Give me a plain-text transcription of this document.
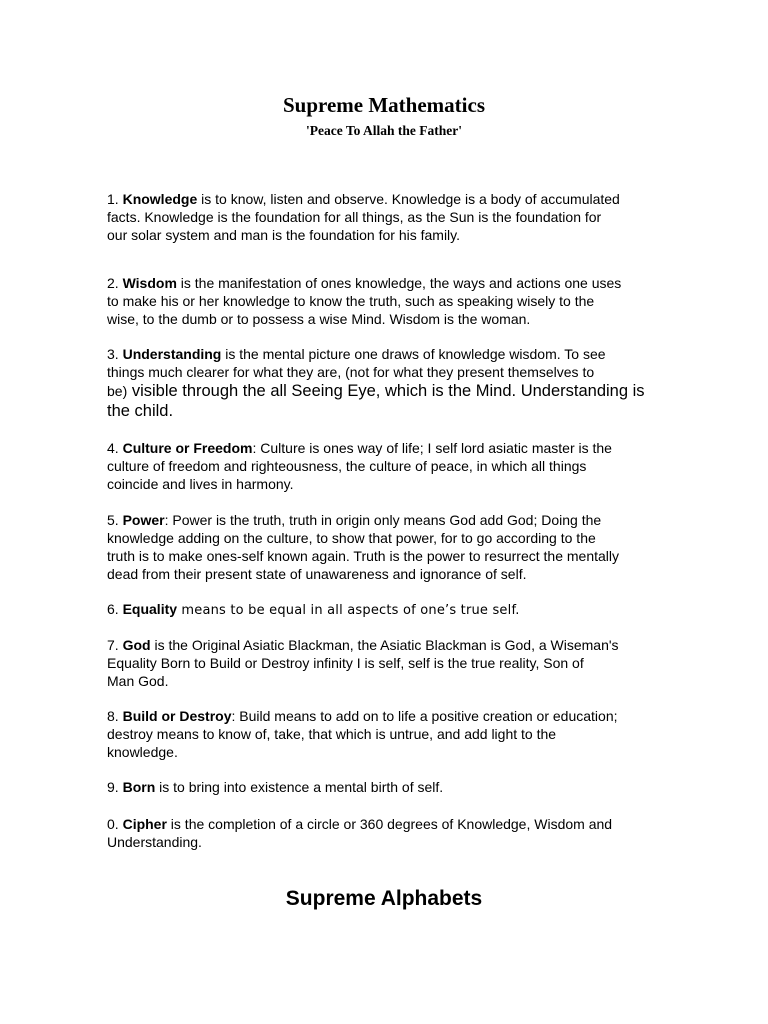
Supreme Mathematics
'Peace To Allah the Father'

1. Knowledge is to know, listen and observe. Knowledge is a body of accumulated
facts. Knowledge is the foundation for all things, as the Sun is the foundation for
our solar system and man is the foundation for his family.

2. Wisdom is the manifestation of ones knowledge, the ways and actions one uses
to make his or her knowledge to know the truth, such as speaking wisely to the
wise, to the dumb or to possess a wise Mind. Wisdom is the woman.

3. Understanding is the mental picture one draws of knowledge wisdom. To see
things much clearer for what they are, (not for what they present themselves to
be) visible through the all Seeing Eye, which is the Mind. Understanding is
the child.

4. Culture or Freedom: Culture is ones way of life; I self lord asiatic master is the
culture of freedom and righteousness, the culture of peace, in which all things
coincide and lives in harmony.

5. Power: Power is the truth, truth in origin only means God add God; Doing the
knowledge adding on the culture, to show that power, for to go according to the
truth is to make ones-self known again. Truth is the power to resurrect the mentally
dead from their present state of unawareness and ignorance of self.

6. Equality means to be equal in all aspects of one’s true self.

7. God is the Original Asiatic Blackman, the Asiatic Blackman is God, a Wiseman's
Equality Born to Build or Destroy infinity I is self, self is the true reality, Son of
Man God.

8. Build or Destroy: Build means to add on to life a positive creation or education;
destroy means to know of, take, that which is untrue, and add light to the
knowledge.

9. Born is to bring into existence a mental birth of self.

0. Cipher is the completion of a circle or 360 degrees of Knowledge, Wisdom and
Understanding.

Supreme Alphabets
